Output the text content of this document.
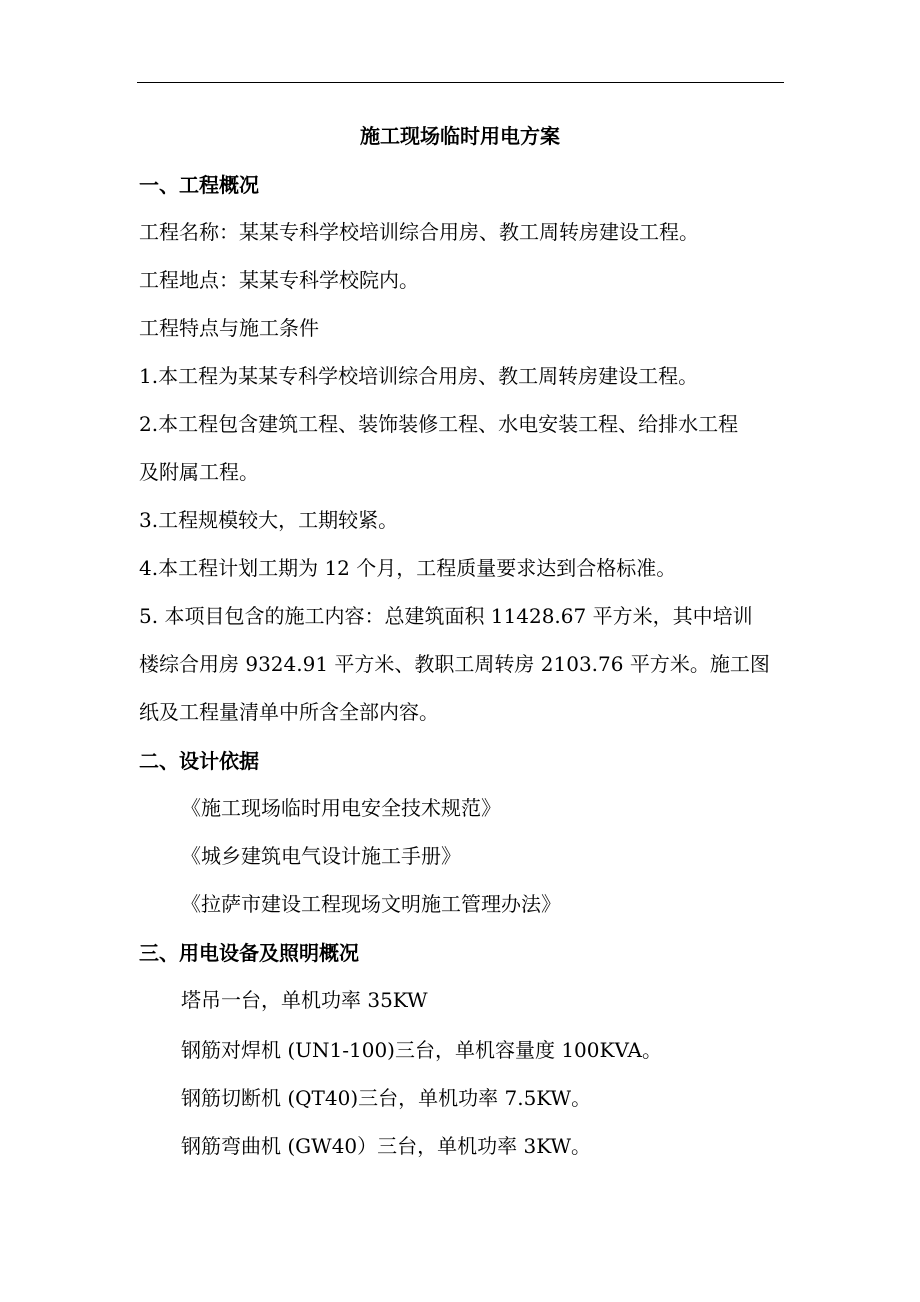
施工现场临时用电方案
一、工程概况
工程名称：某某专科学校培训综合用房、教工周转房建设工程。
工程地点：某某专科学校院内。
工程特点与施工条件
1.本工程为某某专科学校培训综合用房、教工周转房建设工程。
2.本工程包含建筑工程、装饰装修工程、水电安装工程、给排水工程
及附属工程。
3.工程规模较大，工期较紧。
4.本工程计划工期为 12 个月，工程质量要求达到合格标准。
5. 本项目包含的施工内容：总建筑面积 11428.67 平方米，其中培训
楼综合用房 9324.91 平方米、教职工周转房 2103.76 平方米。施工图
纸及工程量清单中所含全部内容。
二、设计依据
《施工现场临时用电安全技术规范》
《城乡建筑电气设计施工手册》
《拉萨市建设工程现场文明施工管理办法》
三、用电设备及照明概况
塔吊一台，单机功率 35KW
钢筋对焊机 (UN1-100)三台，单机容量度 100KVA。
钢筋切断机 (QT40)三台，单机功率 7.5KW。
钢筋弯曲机 (GW40）三台，单机功率 3KW。
